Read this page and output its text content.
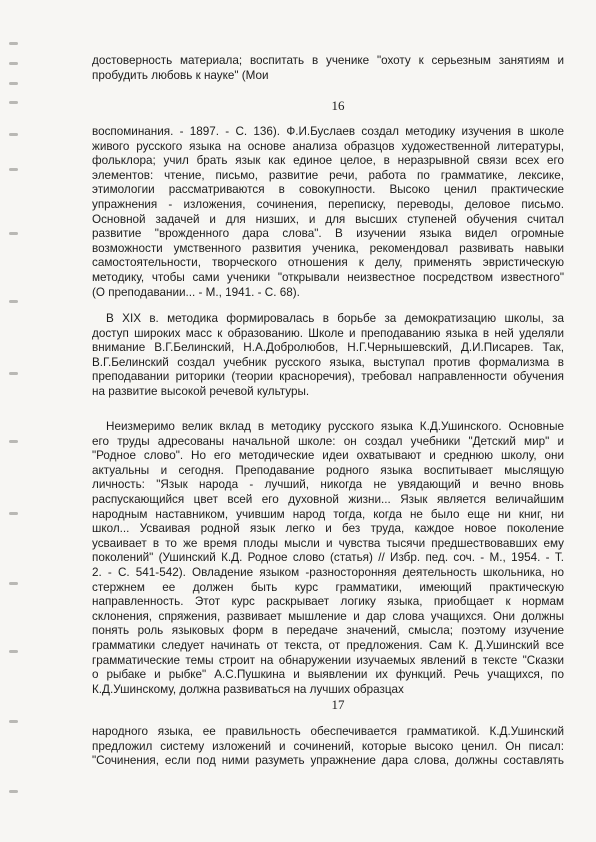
достоверность материала; воспитать в ученике "охоту к серьезным занятиям и
пробудить любовь к науке" (Мои
16
воспоминания. - 1897. - С. 136). Ф.И.Буслаев создал методику изучения в школе
живого русского языка на основе анализа образцов художественной литературы,
фольклора; учил брать язык как единое целое, в неразрывной связи всех его
элементов: чтение, письмо, развитие речи, работа по грамматике, лексике,
этимологии рассматриваются в совокупности. Высоко ценил практические
упражнения - изложения, сочинения, переписку, переводы, деловое письмо.
Основной задачей и для низших, и для высших ступеней обучения считал
развитие "врожденного дара слова". В изучении языка видел огромные
возможности умственного развития ученика, рекомендовал развивать навыки
самостоятельности, творческого отношения к делу, применять эвристическую
методику, чтобы сами ученики "открывали неизвестное посредством известного"
(О преподавании... - М., 1941. - С. 68).
В XIX в. методика формировалась в борьбе за демократизацию школы, за
доступ широких масс к образованию. Школе и преподаванию языка в ней уделяли
внимание В.Г.Белинский, Н.А.Добролюбов, Н.Г.Чернышевский, Д.И.Писарев. Так,
В.Г.Белинский создал учебник русского языка, выступал против формализма в
преподавании риторики (теории красноречия), требовал направленности обучения
на развитие высокой речевой культуры.
Неизмеримо велик вклад в методику русского языка К.Д.Ушинского. Основные
его труды адресованы начальной школе: он создал учебники "Детский мир" и
"Родное слово". Но его методические идеи охватывают и среднюю школу, они
актуальны и сегодня. Преподавание родного языка воспитывает мыслящую
личность: "Язык народа - лучший, никогда не увядающий и вечно вновь
распускающийся цвет всей его духовной жизни... Язык является величайшим
народным наставником, учившим народ тогда, когда не было еще ни книг, ни
школ... Усваивая родной язык легко и без труда, каждое новое поколение
усваивает в то же время плоды мысли и чувства тысячи предшествовавших ему
поколений" (Ушинский К.Д. Родное слово (статья) // Избр. пед. соч. - М., 1954. - Т.
2. - С. 541-542). Овладение языком -разносторонняя деятельность школьника, но
стержнем ее должен быть курс грамматики, имеющий практическую
направленность. Этот курс раскрывает логику языка, приобщает к нормам
склонения, спряжения, развивает мышление и дар слова учащихся. Они должны
понять роль языковых форм в передаче значений, смысла; поэтому изучение
грамматики следует начинать от текста, от предложения. Сам К. Д.Ушинский все
грамматические темы строит на обнаружении изучаемых явлений в тексте "Сказки
о рыбаке и рыбке" А.С.Пушкина и выявлении их функций. Речь учащихся, по
К.Д.Ушинскому, должна развиваться на лучших образцах
17
народного языка, ее правильность обеспечивается грамматикой. К.Д.Ушинский
предложил систему изложений и сочинений, которые высоко ценил. Он писал:
"Сочинения, если под ними разуметь упражнение дара слова, должны составлять
